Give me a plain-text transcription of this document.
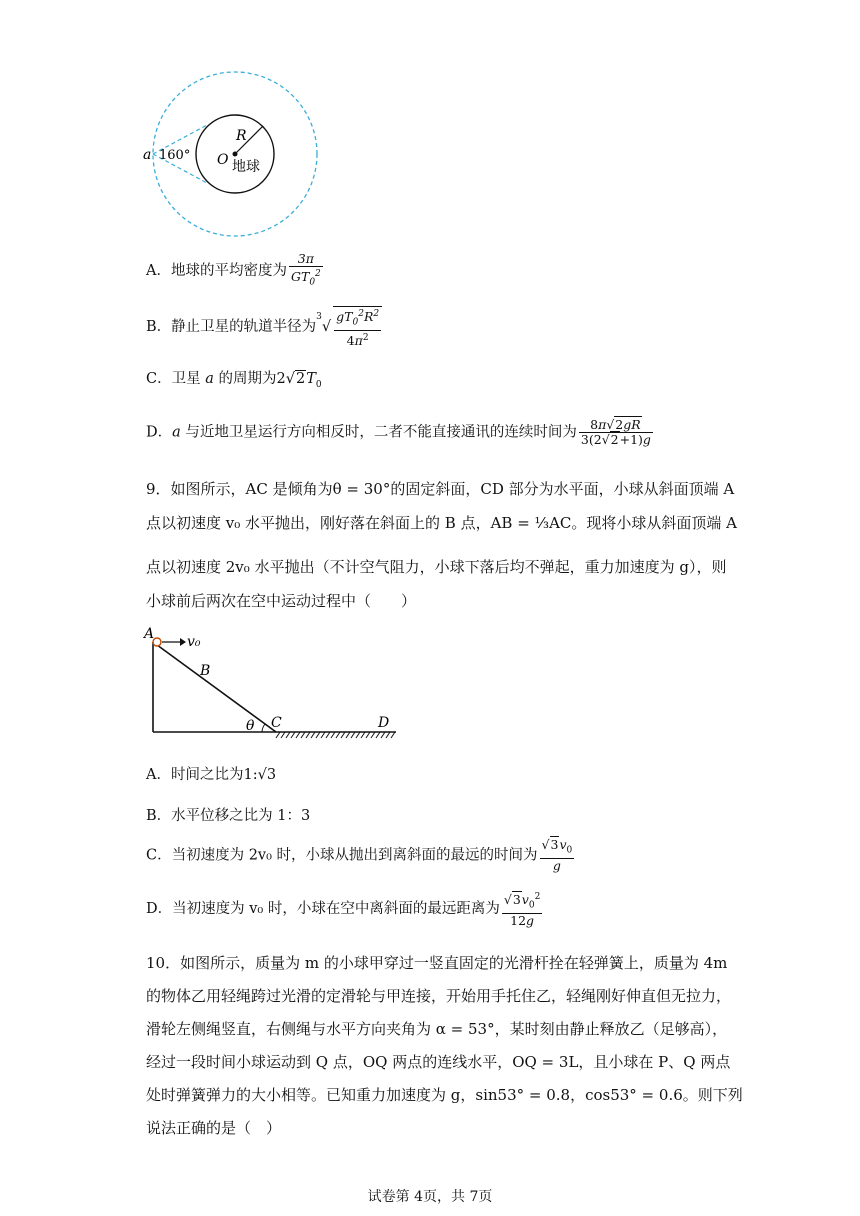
a 160° O
R
地球
A．地球的平均密度为 $\frac{3\pi}{GT_0^2}$
B．静止卫星的轨道半径为$^3√ \frac{gT_0^2R^2}{4\pi^2}$
C．卫星 a 的周期为$2√2T_0$
D．a 与近地卫星运行方向相反时，二者不能直接通讯的连续时间为 $\frac{8\pi√2gR}{3(2√2+1)g}$
9．如图所示，AC 是倾角为θ = 30°的固定斜面，CD 部分为水平面，小球从斜面顶端 A
点以初速度 v₀ 水平抛出，刚好落在斜面上的 B 点，AB = ⅓AC。现将小球从斜面顶端 A
点以初速度 2v₀ 水平抛出（不计空气阻力，小球下落后均不弹起，重力加速度为 g），则
小球前后两次在空中运动过程中（　　）
A v₀
B
θ C	D
A．时间之比为1:√3
B．水平位移之比为 1：3
C．当初速度为 2v₀ 时，小球从抛出到离斜面的最远的时间为 $\frac{√3v_0}{g}$
D．当初速度为 v₀ 时，小球在空中离斜面的最远距离为 $\frac{√3v_0^2}{12g}$
10．如图所示，质量为 m 的小球甲穿过一竖直固定的光滑杆拴在轻弹簧上，质量为 4m
的物体乙用轻绳跨过光滑的定滑轮与甲连接，开始用手托住乙，轻绳刚好伸直但无拉力，
滑轮左侧绳竖直，右侧绳与水平方向夹角为 α = 53°，某时刻由静止释放乙（足够高），
经过一段时间小球运动到 Q 点，OQ 两点的连线水平，OQ = 3L，且小球在 P、Q 两点
处时弹簧弹力的大小相等。已知重力加速度为 g，sin53° = 0.8，cos53° = 0.6。则下列
说法正确的是（　）
试卷第 4页，共 7页
